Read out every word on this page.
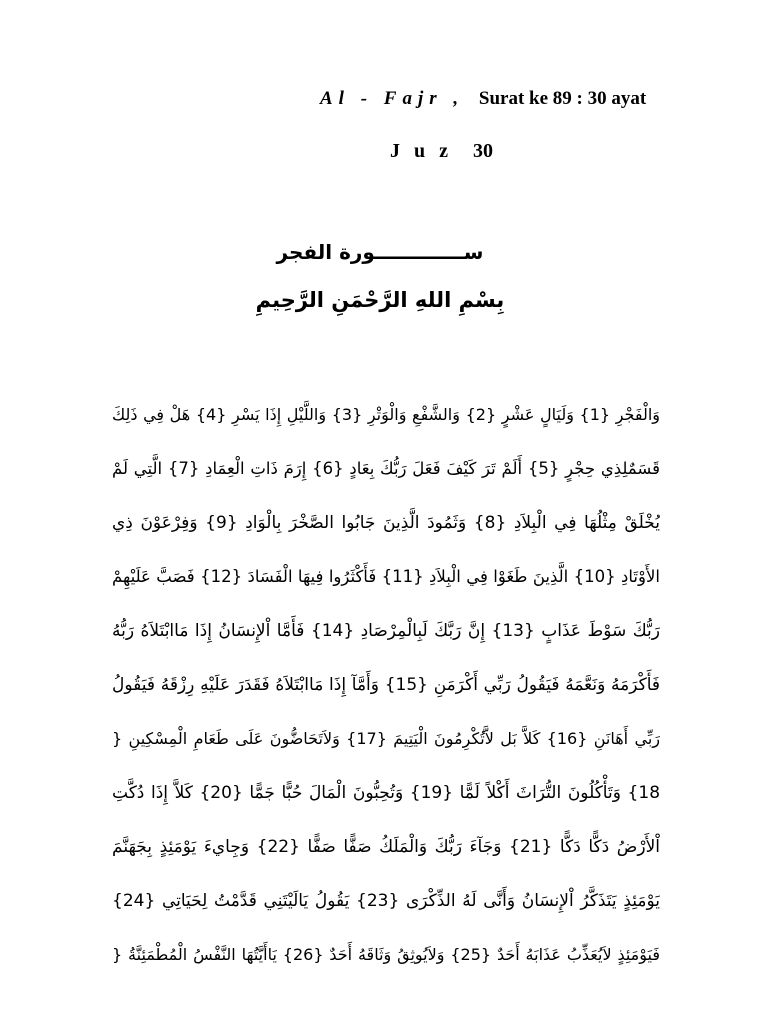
Al - Fajr , Surat ke 89 : 30 ayat
Juz 30
ســـــــــــــورة الفجر
بِسْمِ اللهِ الرَّحْمَنِ الرَّحِيمِ
وَالْفَجْرِ {1} وَلَيَالٍ عَشْرٍ {2} وَالشَّفْعِ وَالْوَتْرِ {3} وَاللَّيْلِ إِذَا يَسْرِ {4} هَلْ فِي ذَلِكَ
قَسَمٌلِذِي حِجْرٍ {5} أَلَمْ تَرَ كَيْفَ فَعَلَ رَبُّكَ بِعَادٍ {6} إِرَمَ ذَاتِ الْعِمَادِ {7} الَّتِي لَمْ
يُخْلَقْ مِثْلُهَا فِي الْبِلاَدِ {8} وَثَمُودَ الَّذِينَ جَابُوا الصَّخْرَ بِالْوَادِ {9} وَفِرْعَوْنَ ذِي
الأَوْتَادِ {10} الَّذِينَ طَغَوْا فِي الْبِلاَدِ {11} فَأَكْثَرُوا فِيهَا الْفَسَادَ {12} فَصَبَّ عَلَيْهِمْ
رَبُّكَ سَوْطَ عَذَابٍ {13} إِنَّ رَبَّكَ لَبِالْمِرْصَادِ {14} فَأَمَّا اْلإِنسَانُ إِذَا مَاابْتَلاَهُ رَبُّهُ
فَأَكْرَمَهُ وَنَعَّمَهُ فَيَقُولُ رَبِّي أَكْرَمَنِ {15} وَأَمَّآ إِذَا مَاابْتَلاَهُ فَقَدَرَ عَلَيْهِ رِزْقَهُ فَيَقُولُ
رَبِّي أَهَانَنِ {16} كَلاَّ بَل لاَّتُكْرِمُونَ الْيَتِيمَ {17} وَلاَتَحَاضُّونَ عَلَى طَعَامِ الْمِسْكِينِ {
18} وَتَأْكُلُونَ التُّرَاثَ أَكْلاً لَمًّا {19} وَتُحِبُّونَ الْمَالَ حُبًّا جَمًّا {20} كَلاَّ إِذَا دُكَّتِ
اْلأَرْضُ دَكًّا دَكًّا {21} وَجَآءَ رَبُّكَ وَالْمَلَكُ صَفًّا صَفًّا {22} وَجِايءَ يَوْمَئِذٍ بِجَهَنَّمَ
يَوْمَئِذٍ يَتَذَكَّرُ اْلإِنسَانُ وَأَنَّى لَهُ الذِّكْرَى {23} يَقُولُ يَالَيْتَنِي قَدَّمْتُ لِحَيَاتِي {24}
فَيَوْمَئِذٍ لاَيُعَذِّبُ عَذَابَهُ أَحَدٌ {25} وَلاَيُوثِقُ وَثَاقَهُ أَحَدٌ {26} يَاأَيَّتُهَا النَّفْسُ الْمُطْمَئِنَّةُ {
